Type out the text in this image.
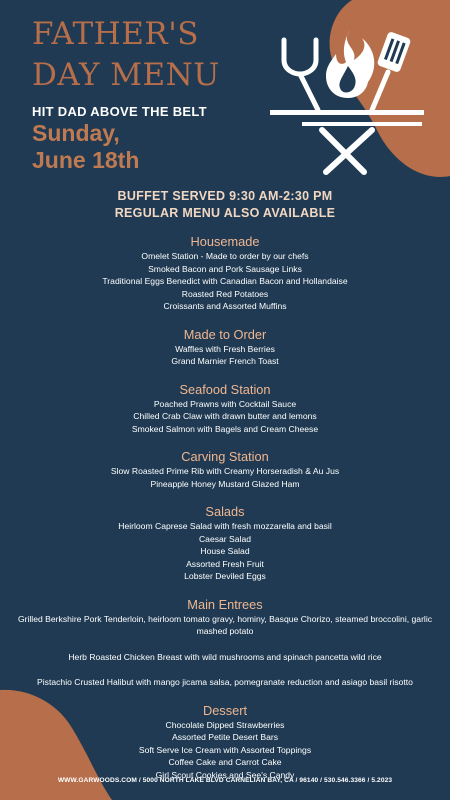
FATHER'S
DAY MENU
HIT DAD ABOVE THE BELT
Sunday,
June 18th
BUFFET SERVED 9:30 AM-2:30 PM
REGULAR MENU ALSO AVAILABLE
Housemade
Omelet Station - Made to order by our chefs
Smoked Bacon and Pork Sausage Links
Traditional Eggs Benedict with Canadian Bacon and Hollandaise
Roasted Red Potatoes
Croissants and Assorted Muffins
Made to Order
Waffles with Fresh Berries
Grand Marnier French Toast
Seafood Station
Poached Prawns with Cocktail Sauce
Chilled Crab Claw with drawn butter and lemons
Smoked Salmon with Bagels and Cream Cheese
Carving Station
Slow Roasted Prime Rib with Creamy Horseradish & Au Jus
Pineapple Honey Mustard Glazed Ham
Salads
Heirloom Caprese Salad with fresh mozzarella and basil
Caesar Salad
House Salad
Assorted Fresh Fruit
Lobster Deviled Eggs
Main Entrees
Grilled Berkshire Pork Tenderloin, heirloom tomato gravy, hominy, Basque Chorizo, steamed broccolini, garlic mashed potato
Herb Roasted Chicken Breast with wild mushrooms and spinach pancetta wild rice
Pistachio Crusted Halibut with mango jicama salsa, pomegranate reduction and asiago basil risotto
Dessert
Chocolate Dipped Strawberries
Assorted Petite Desert Bars
Soft Serve Ice Cream with Assorted Toppings
Coffee Cake and Carrot Cake
Girl Scout Cookies and See's Candy
WWW.GARWOODS.COM / 5000 NORTH LAKE BLVD CARNELIAN BAY, CA / 96140 / 530.546.3366 / 5.2023
